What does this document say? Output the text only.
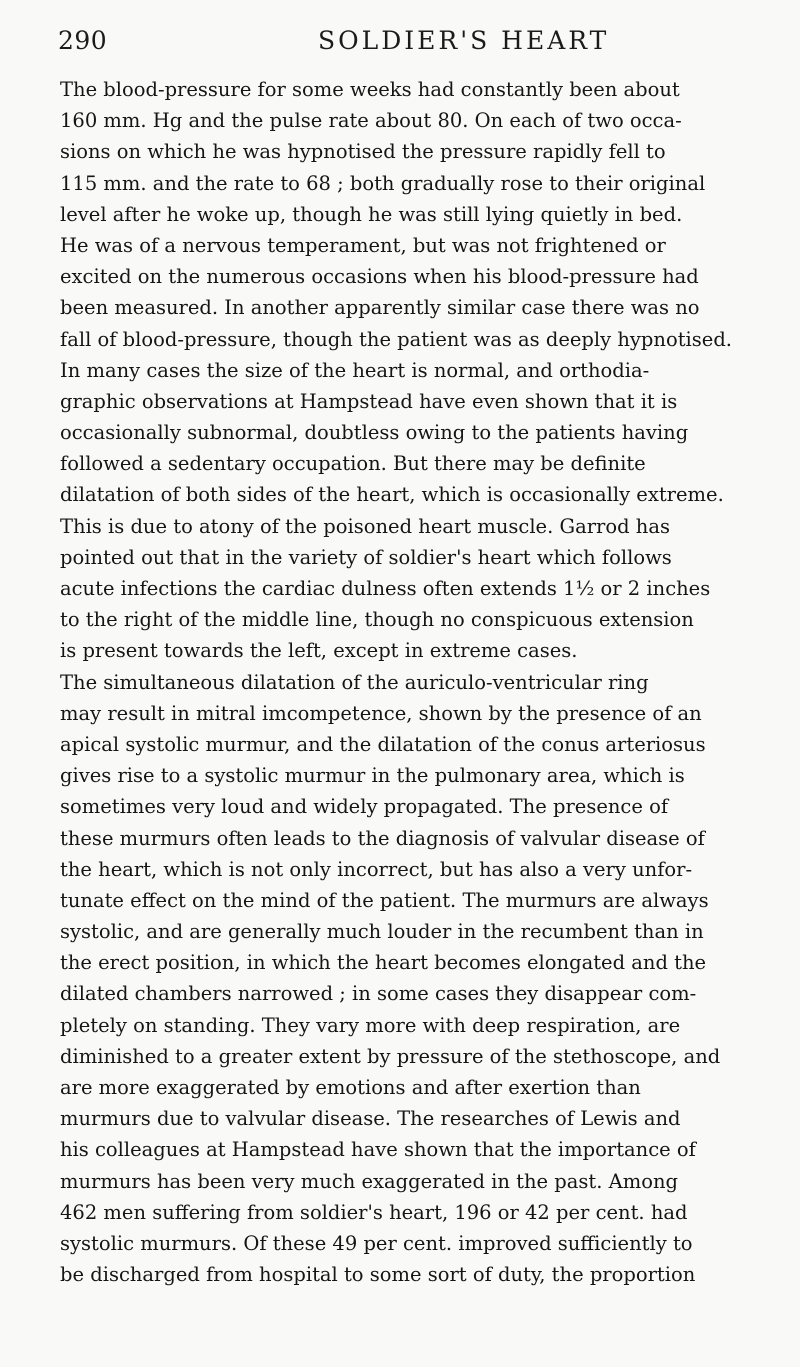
290	SOLDIER'S HEART
The blood-pressure for some weeks had constantly been about
160 mm. Hg and the pulse rate about 80. On each of two occa-
sions on which he was hypnotised the pressure rapidly fell to
115 mm. and the rate to 68 ; both gradually rose to their original
level after he woke up, though he was still lying quietly in bed.
He was of a nervous temperament, but was not frightened or
excited on the numerous occasions when his blood-pressure had
been measured. In another apparently similar case there was no
fall of blood-pressure, though the patient was as deeply hypnotised.
In many cases the size of the heart is normal, and orthodia-
graphic observations at Hampstead have even shown that it is
occasionally subnormal, doubtless owing to the patients having
followed a sedentary occupation. But there may be definite
dilatation of both sides of the heart, which is occasionally extreme.
This is due to atony of the poisoned heart muscle. Garrod has
pointed out that in the variety of soldier's heart which follows
acute infections the cardiac dulness often extends 1½ or 2 inches
to the right of the middle line, though no conspicuous extension
is present towards the left, except in extreme cases.
The simultaneous dilatation of the auriculo-ventricular ring
may result in mitral imcompetence, shown by the presence of an
apical systolic murmur, and the dilatation of the conus arteriosus
gives rise to a systolic murmur in the pulmonary area, which is
sometimes very loud and widely propagated. The presence of
these murmurs often leads to the diagnosis of valvular disease of
the heart, which is not only incorrect, but has also a very unfor-
tunate effect on the mind of the patient. The murmurs are always
systolic, and are generally much louder in the recumbent than in
the erect position, in which the heart becomes elongated and the
dilated chambers narrowed ; in some cases they disappear com-
pletely on standing. They vary more with deep respiration, are
diminished to a greater extent by pressure of the stethoscope, and
are more exaggerated by emotions and after exertion than
murmurs due to valvular disease. The researches of Lewis and
his colleagues at Hampstead have shown that the importance of
murmurs has been very much exaggerated in the past. Among
462 men suffering from soldier's heart, 196 or 42 per cent. had
systolic murmurs. Of these 49 per cent. improved sufficiently to
be discharged from hospital to some sort of duty, the proportion
